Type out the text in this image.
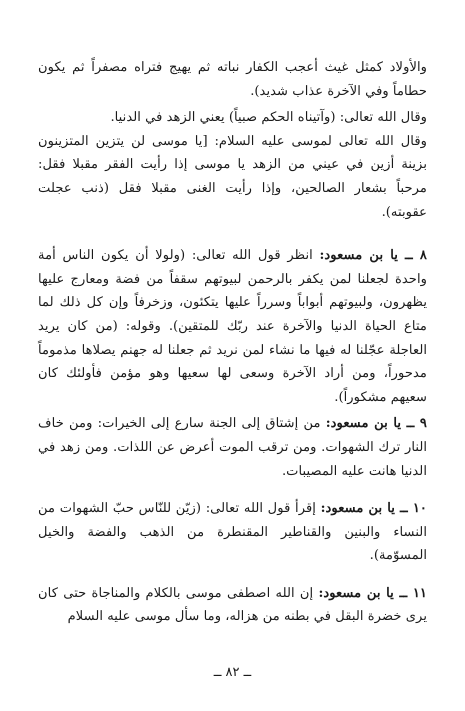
والأولاد كمثل غيث أعجب الكفار نباته ثم يهيج فتراه مصفراً ثم يكون حطاماً وفي الآخرة عذاب شديد).

وقال الله تعالى: (وآتيناه الحكم صبياً) يعني الزهد في الدنيا.

وقال الله تعالى لموسى عليه السلام: [يا موسى لن يتزين المتزينون بزينة أزين في عيني من الزهد يا موسى إذا رأيت الفقر مقبلا فقل: مرحباً بشعار الصالحين، وإذا رأيت الغنى مقبلا فقل (ذنب عجلت عقوبته).

٨ ــ يا بن مسعود: انظر قول الله تعالى: (ولولا أن يكون الناس أمة واحدة لجعلنا لمن يكفر بالرحمن لبيوتهم سقفاً من فضة ومعارج عليها يظهرون، ولبيوتهم أبواباً وسرراً عليها يتكئون، وزخرفاً وإن كل ذلك لما متاع الحياة الدنيا والآخرة عند ربّك للمتقين). وقوله: (من كان يريد العاجلة عجّلنا له فيها ما نشاء لمن نريد ثم جعلنا له جهنم يصلاها مذموماً مدحوراً، ومن أراد الآخرة وسعى لها سعيها وهو مؤمن فأولئك كان سعيهم مشكوراً).

٩ ــ يا بن مسعود: من إشتاق إلى الجنة سارع إلى الخيرات: ومن خاف النار ترك الشهوات. ومن ترقب الموت أعرض عن اللذات. ومن زهد في الدنيا هانت عليه المصيبات.

١٠ ــ يا بن مسعود: إقرأ قول الله تعالى: (زيّن للنّاس حبّ الشهوات من النساء والبنين والقناطير المقنطرة من الذهب والفضة والخيل المسوّمة).

١١ ــ يا بن مسعود: إن الله اصطفى موسى بالكلام والمناجاة حتى كان يرى خضرة البقل في بطنه من هزاله، وما سأل موسى عليه السلام

ــ ٨٢ ــ
